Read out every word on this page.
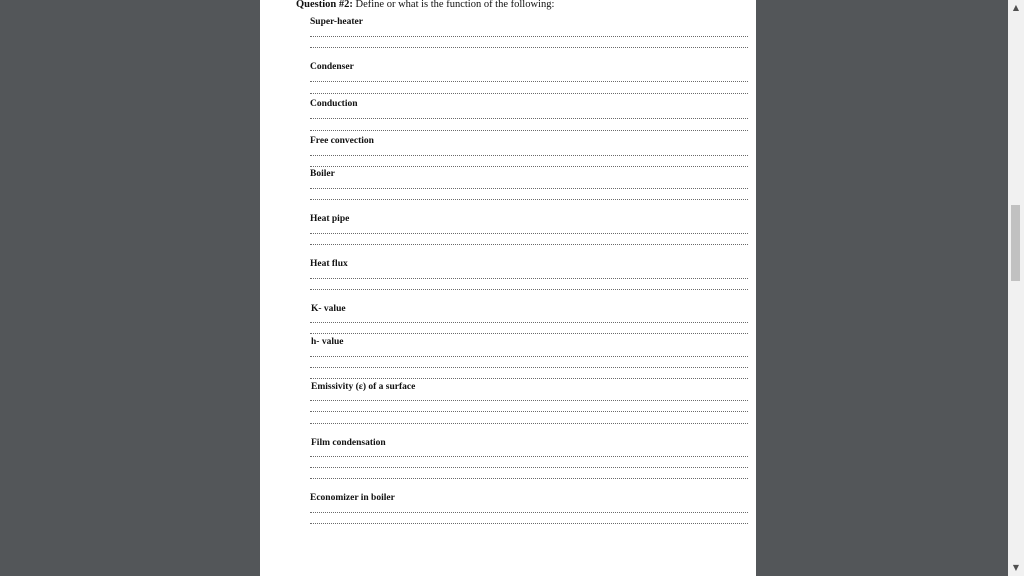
Question #2: Define or what is the function of the following:
Super-heater
Condenser
Conduction
Free convection
Boiler
Heat pipe
Heat flux
K- value
h- value
Emissivity (ε) of a surface
Film condensation
Economizer in boiler
▲
▼
